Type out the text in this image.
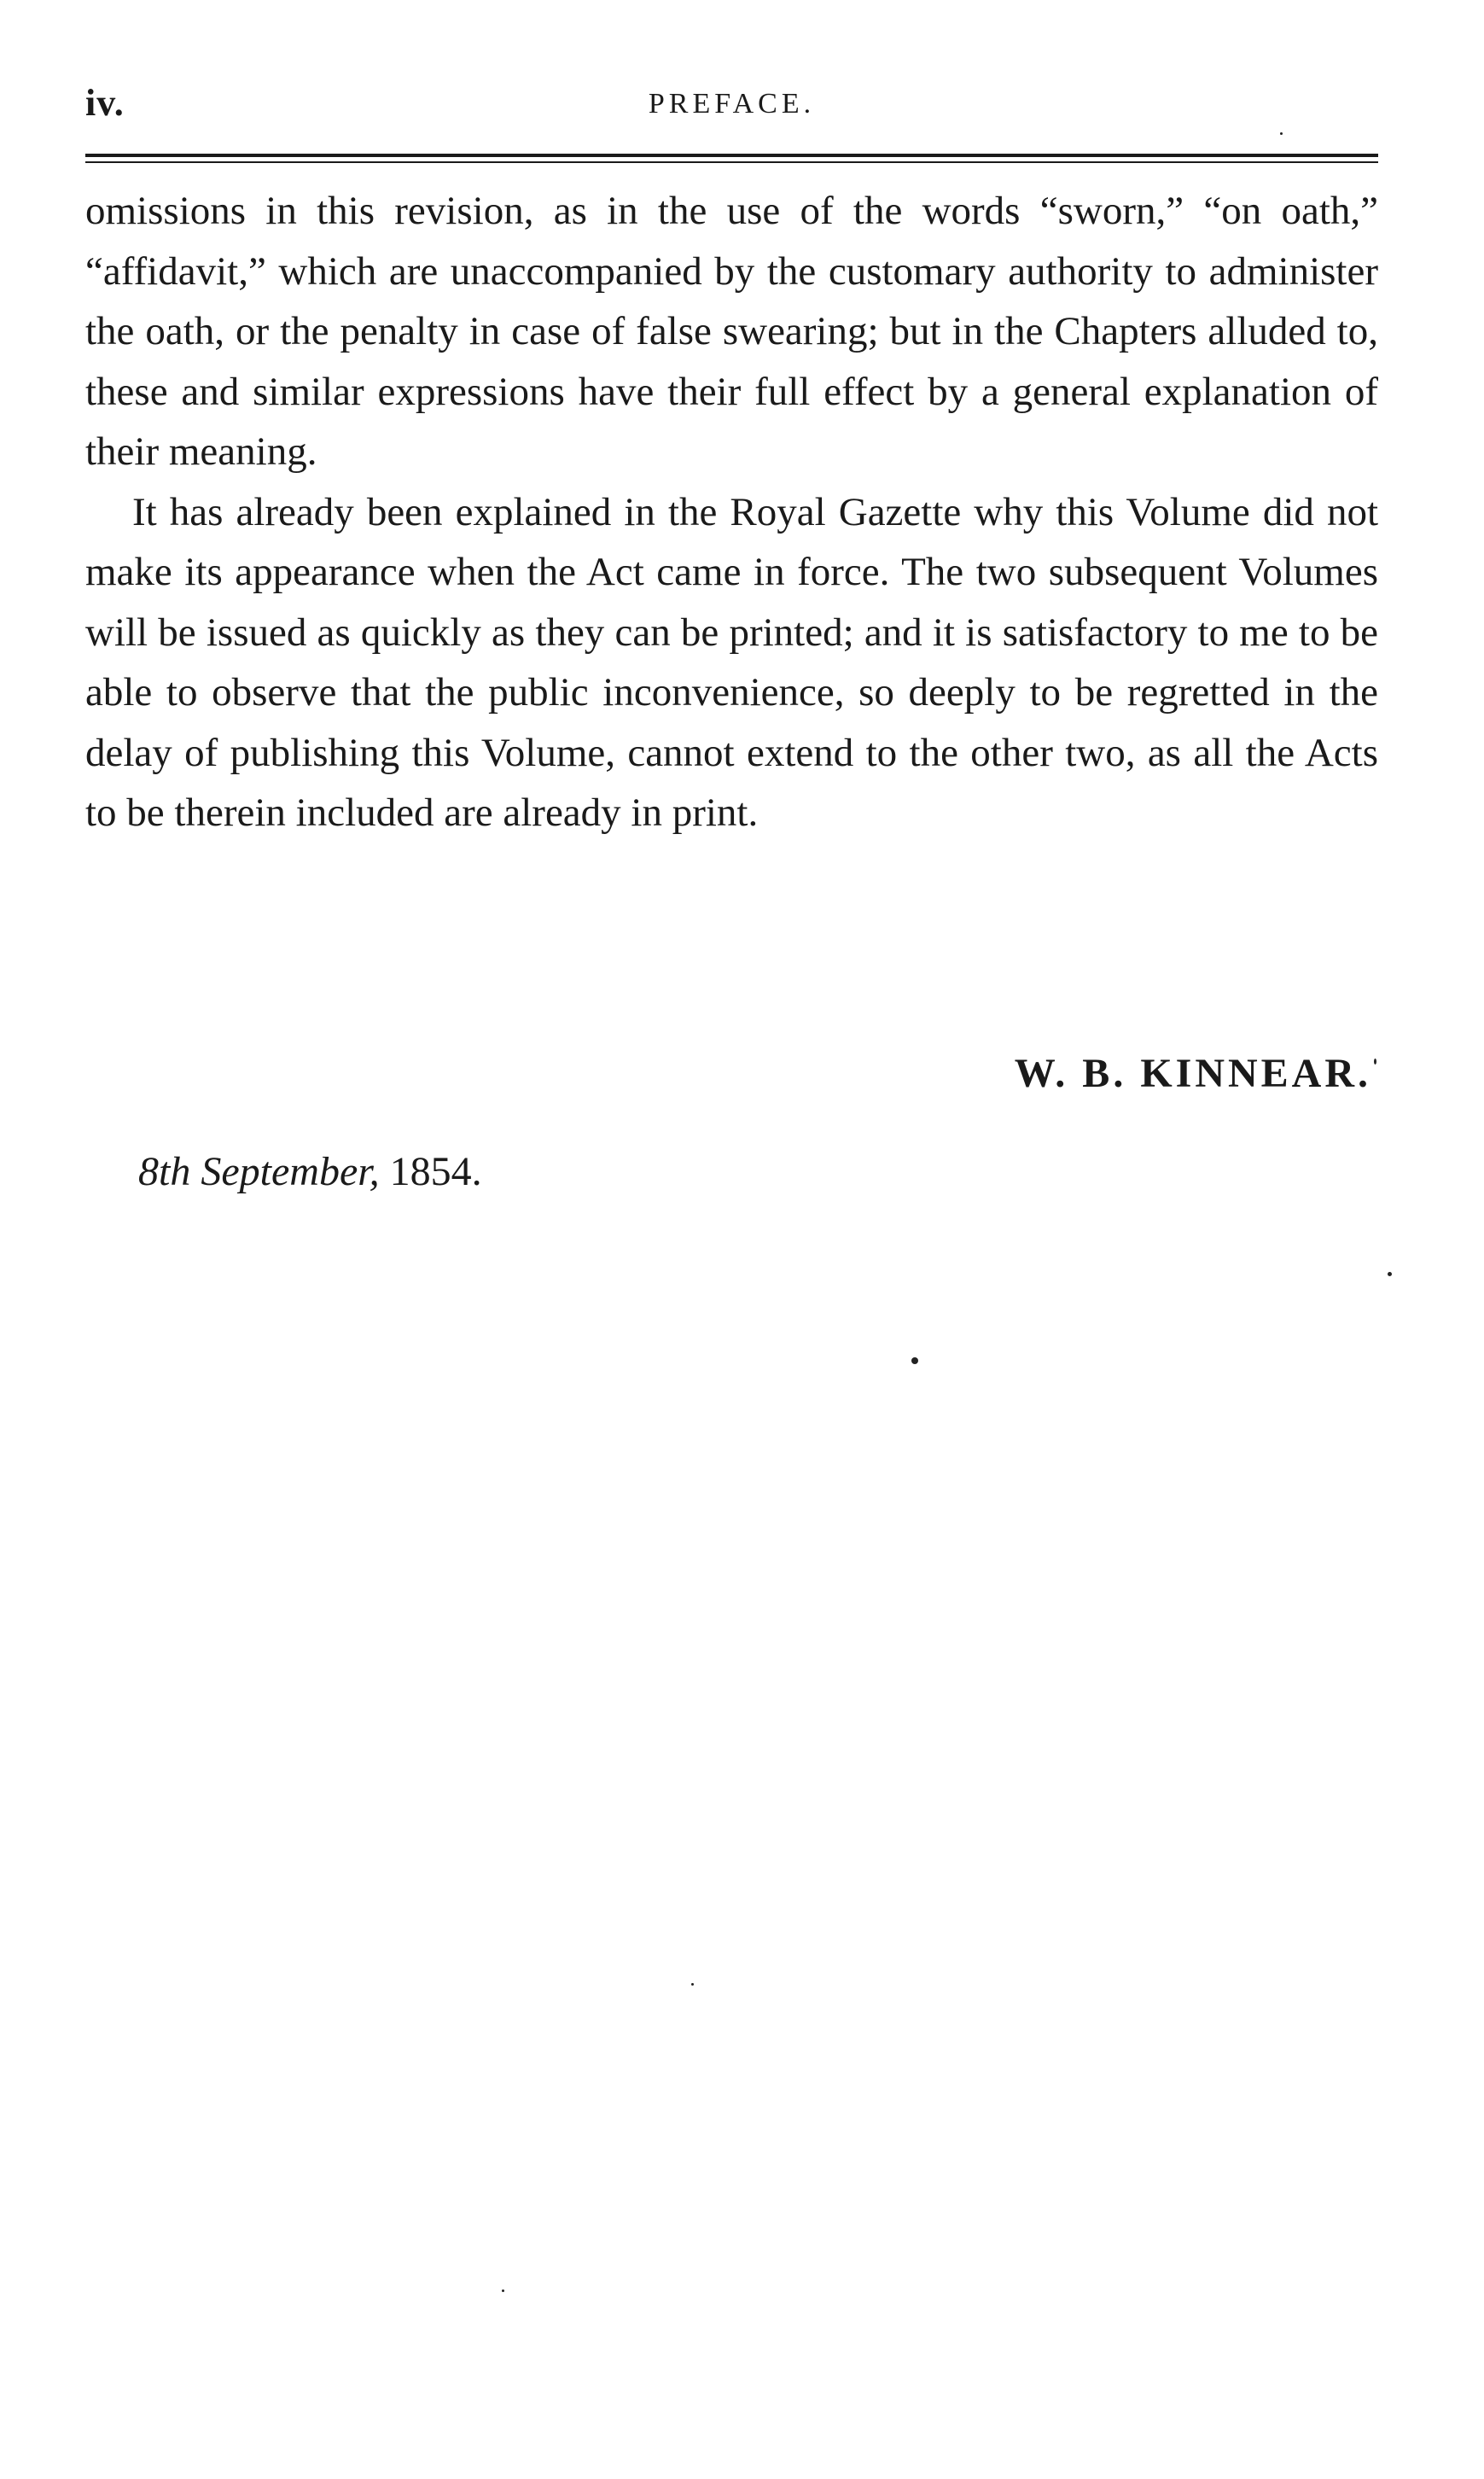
iv.	PREFACE.

omissions in this revision, as in the use of the words “sworn,” “on oath,” “affidavit,” which are unaccompanied by the customary authority to administer the oath, or the penalty in case of false swearing; but in the Chapters alluded to, these and similar expressions have their full effect by a general explanation of their meaning.

It has already been explained in the Royal Gazette why this Volume did not make its appearance when the Act came in force. The two subsequent Volumes will be issued as quickly as they can be printed; and it is satisfactory to me to be able to observe that the public inconvenience, so deeply to be regretted in the delay of publishing this Volume, cannot extend to the other two, as all the Acts to be therein included are already in print.

W. B. KINNEAR.
8th September, 1854.
